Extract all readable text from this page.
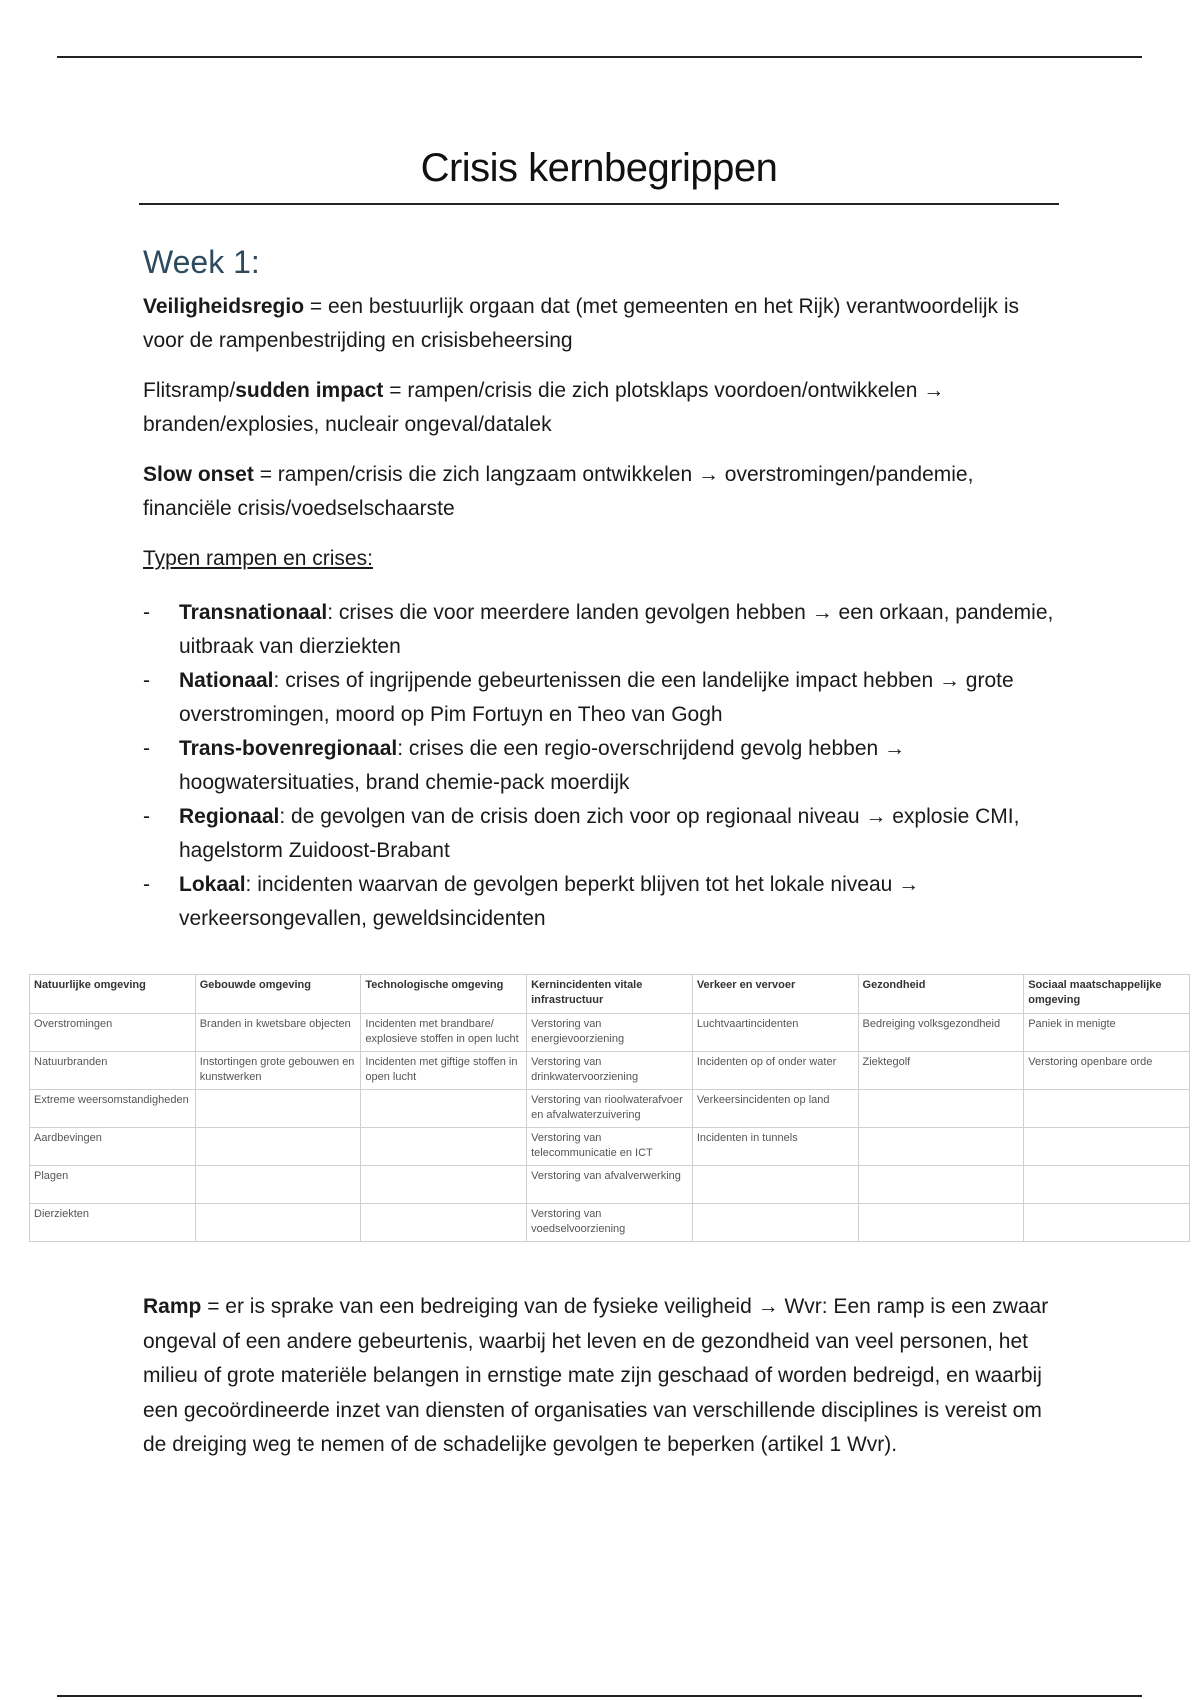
Crisis kernbegrippen
Week 1:

Veiligheidsregio = een bestuurlijk orgaan dat (met gemeenten en het Rijk) verantwoordelijk is voor de rampenbestrijding en crisisbeheersing

Flitsramp/sudden impact = rampen/crisis die zich plotsklaps voordoen/ontwikkelen → branden/explosies, nucleair ongeval/datalek

Slow onset = rampen/crisis die zich langzaam ontwikkelen → overstromingen/pandemie, financiële crisis/voedselschaarste

Typen rampen en crises:

- Transnationaal: crises die voor meerdere landen gevolgen hebben → een orkaan, pandemie, uitbraak van dierziekten
- Nationaal: crises of ingrijpende gebeurtenissen die een landelijke impact hebben → grote overstromingen, moord op Pim Fortuyn en Theo van Gogh
- Trans-bovenregionaal: crises die een regio-overschrijdend gevolg hebben → hoogwatersituaties, brand chemie-pack moerdijk
- Regionaal: de gevolgen van de crisis doen zich voor op regionaal niveau → explosie CMI, hagelstorm Zuidoost-Brabant
- Lokaal: incidenten waarvan de gevolgen beperkt blijven tot het lokale niveau → verkeersongevallen, geweldsincidenten
Natuurlijke omgeving	Gebouwde omgeving	Technologische omgeving	Kernincidenten vitale infrastructuur	Verkeer en vervoer	Gezondheid	Sociaal maatschappelijke omgeving
Overstromingen	Branden in kwetsbare objecten	Incidenten met brandbare/ explosieve stoffen in open lucht	Verstoring van energievoorziening	Luchtvaartincidenten	Bedreiging volksgezondheid	Paniek in menigte
Natuurbranden	Instortingen grote gebouwen en kunstwerken	Incidenten met giftige stoffen in open lucht	Verstoring van drinkwatervoorziening	Incidenten op of onder water	Ziektegolf	Verstoring openbare orde
Extreme weersomstandigheden			Verstoring van rioolwaterafvoer en afvalwaterzuivering	Verkeersincidenten op land		
Aardbevingen			Verstoring van telecommunicatie en ICT	Incidenten in tunnels		
Plagen			Verstoring van afvalverwerking			
Dierziekten			Verstoring van voedselvoorziening			

Ramp = er is sprake van een bedreiging van de fysieke veiligheid → Wvr: Een ramp is een zwaar ongeval of een andere gebeurtenis, waarbij het leven en de gezondheid van veel personen, het milieu of grote materiële belangen in ernstige mate zijn geschaad of worden bedreigd, en waarbij een gecoördineerde inzet van diensten of organisaties van verschillende disciplines is vereist om de dreiging weg te nemen of de schadelijke gevolgen te beperken (artikel 1 Wvr).
